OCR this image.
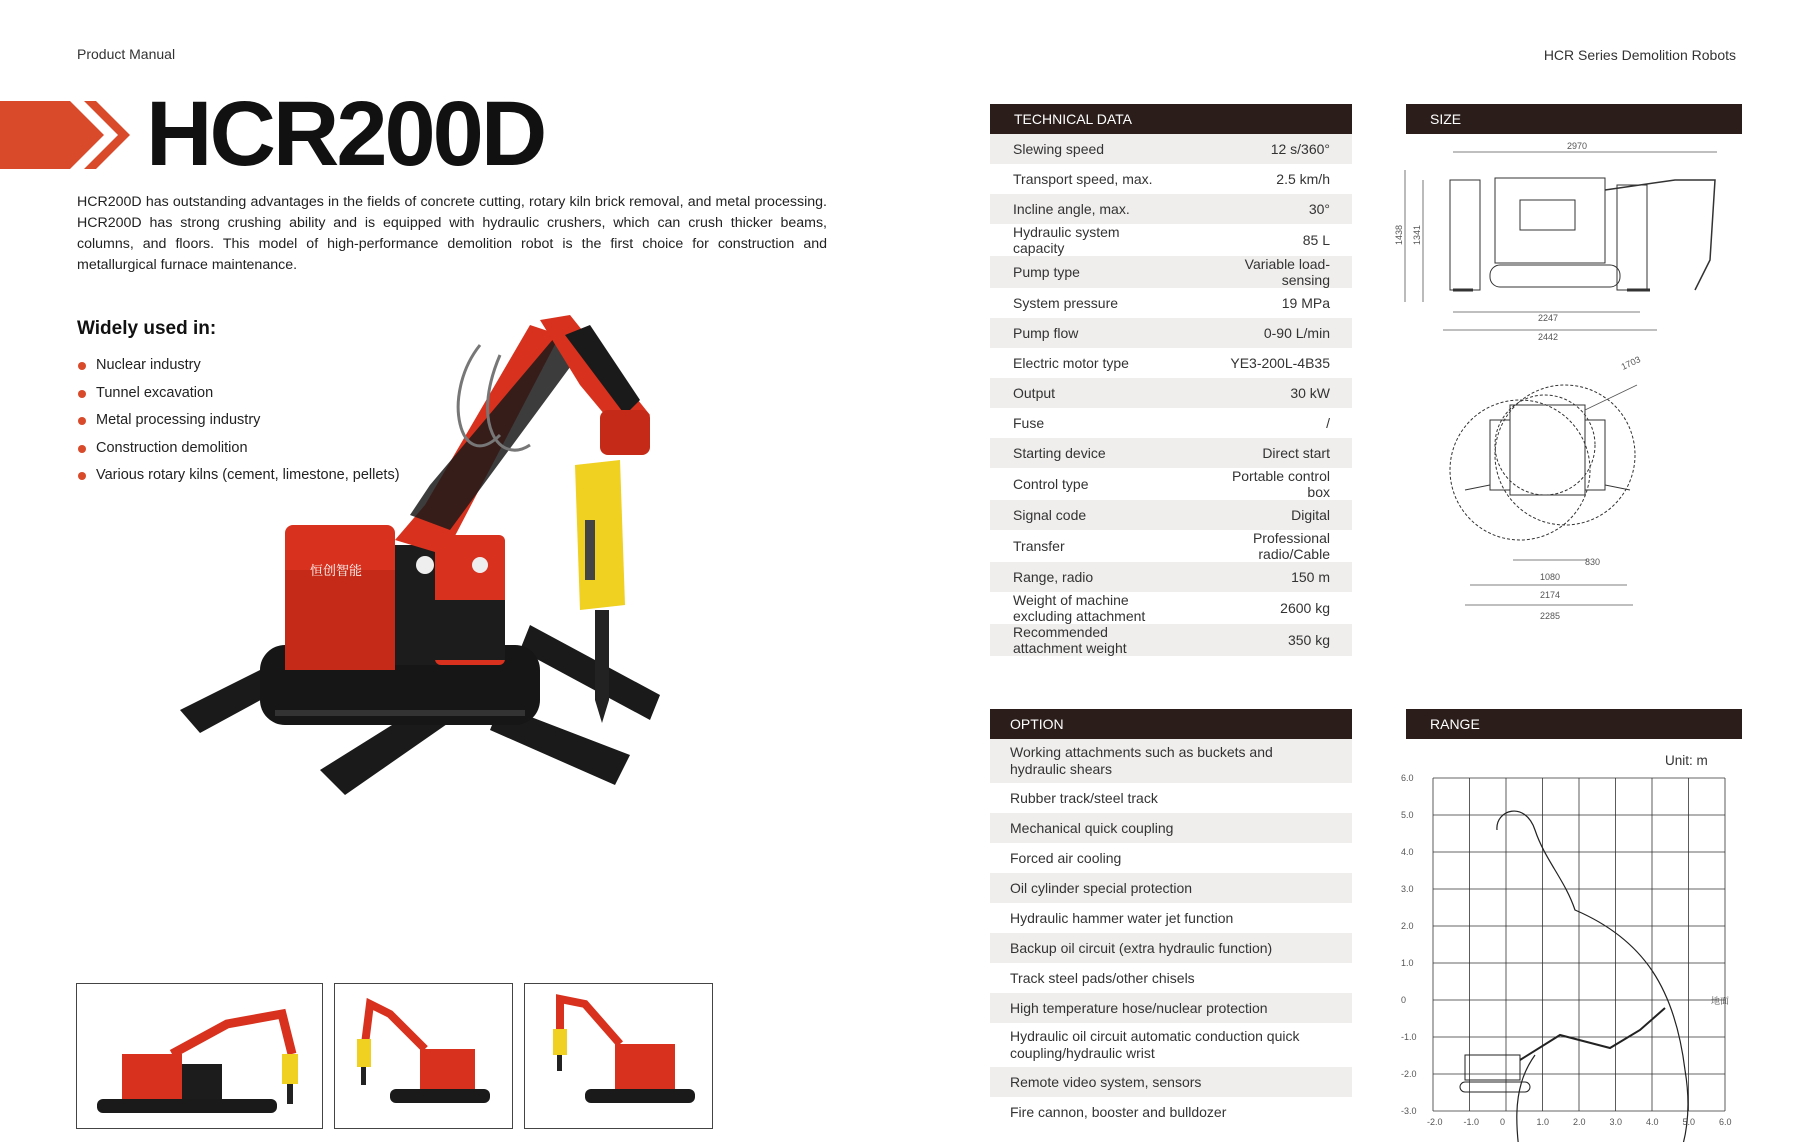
Product Manual	HCR Series Demolition Robots
HCR200D
HCR200D has outstanding advantages in the fields of concrete cutting, rotary kiln brick removal, and metal processing. HCR200D has strong crushing ability and is equipped with hydraulic crushers, which can crush thicker beams, columns, and floors. This model of high-performance demolition robot is the first choice for construction and metallurgical furnace maintenance.
Widely used in:
Nuclear industry
Tunnel excavation
Metal processing industry
Construction demolition
Various rotary kilns (cement, limestone, pellets)
恒创智能
TECHNICAL DATA
Slewing speed	12 s/360°
Transport speed, max.	2.5 km/h
Incline angle, max.	30°
Hydraulic system capacity	85 L
Pump type	Variable load-sensing
System pressure	19 MPa
Pump flow	0-90 L/min
Electric motor type	YE3-200L-4B35
Output	30 kW
Fuse	/
Starting device	Direct start
Control type	Portable control box
Signal code	Digital
Transfer	Professional radio/Cable
Range, radio	150 m
Weight of machine excluding attachment	2600 kg
Recommended attachment weight	350 kg
SIZE
2970
1438 1341
2247
2442
1703
1080
830
2174
2285
OPTION
Working attachments such as buckets and hydraulic shears
Rubber track/steel track
Mechanical quick coupling
Forced air cooling
Oil cylinder special protection
Hydraulic hammer water jet function
Backup oil circuit (extra hydraulic function)
Track steel pads/other chisels
High temperature hose/nuclear protection
Hydraulic oil circuit automatic conduction quick coupling/hydraulic wrist
Remote video system, sensors
Fire cannon, booster and bulldozer
RANGE
Unit: m
-2.0 -1.0 0	1.0	2.0	3.0	4.0	5.0	6.0
6.0
5.0
4.0
3.0
2.0
1.0
0
-1.0
-2.0
-3.0
地面
